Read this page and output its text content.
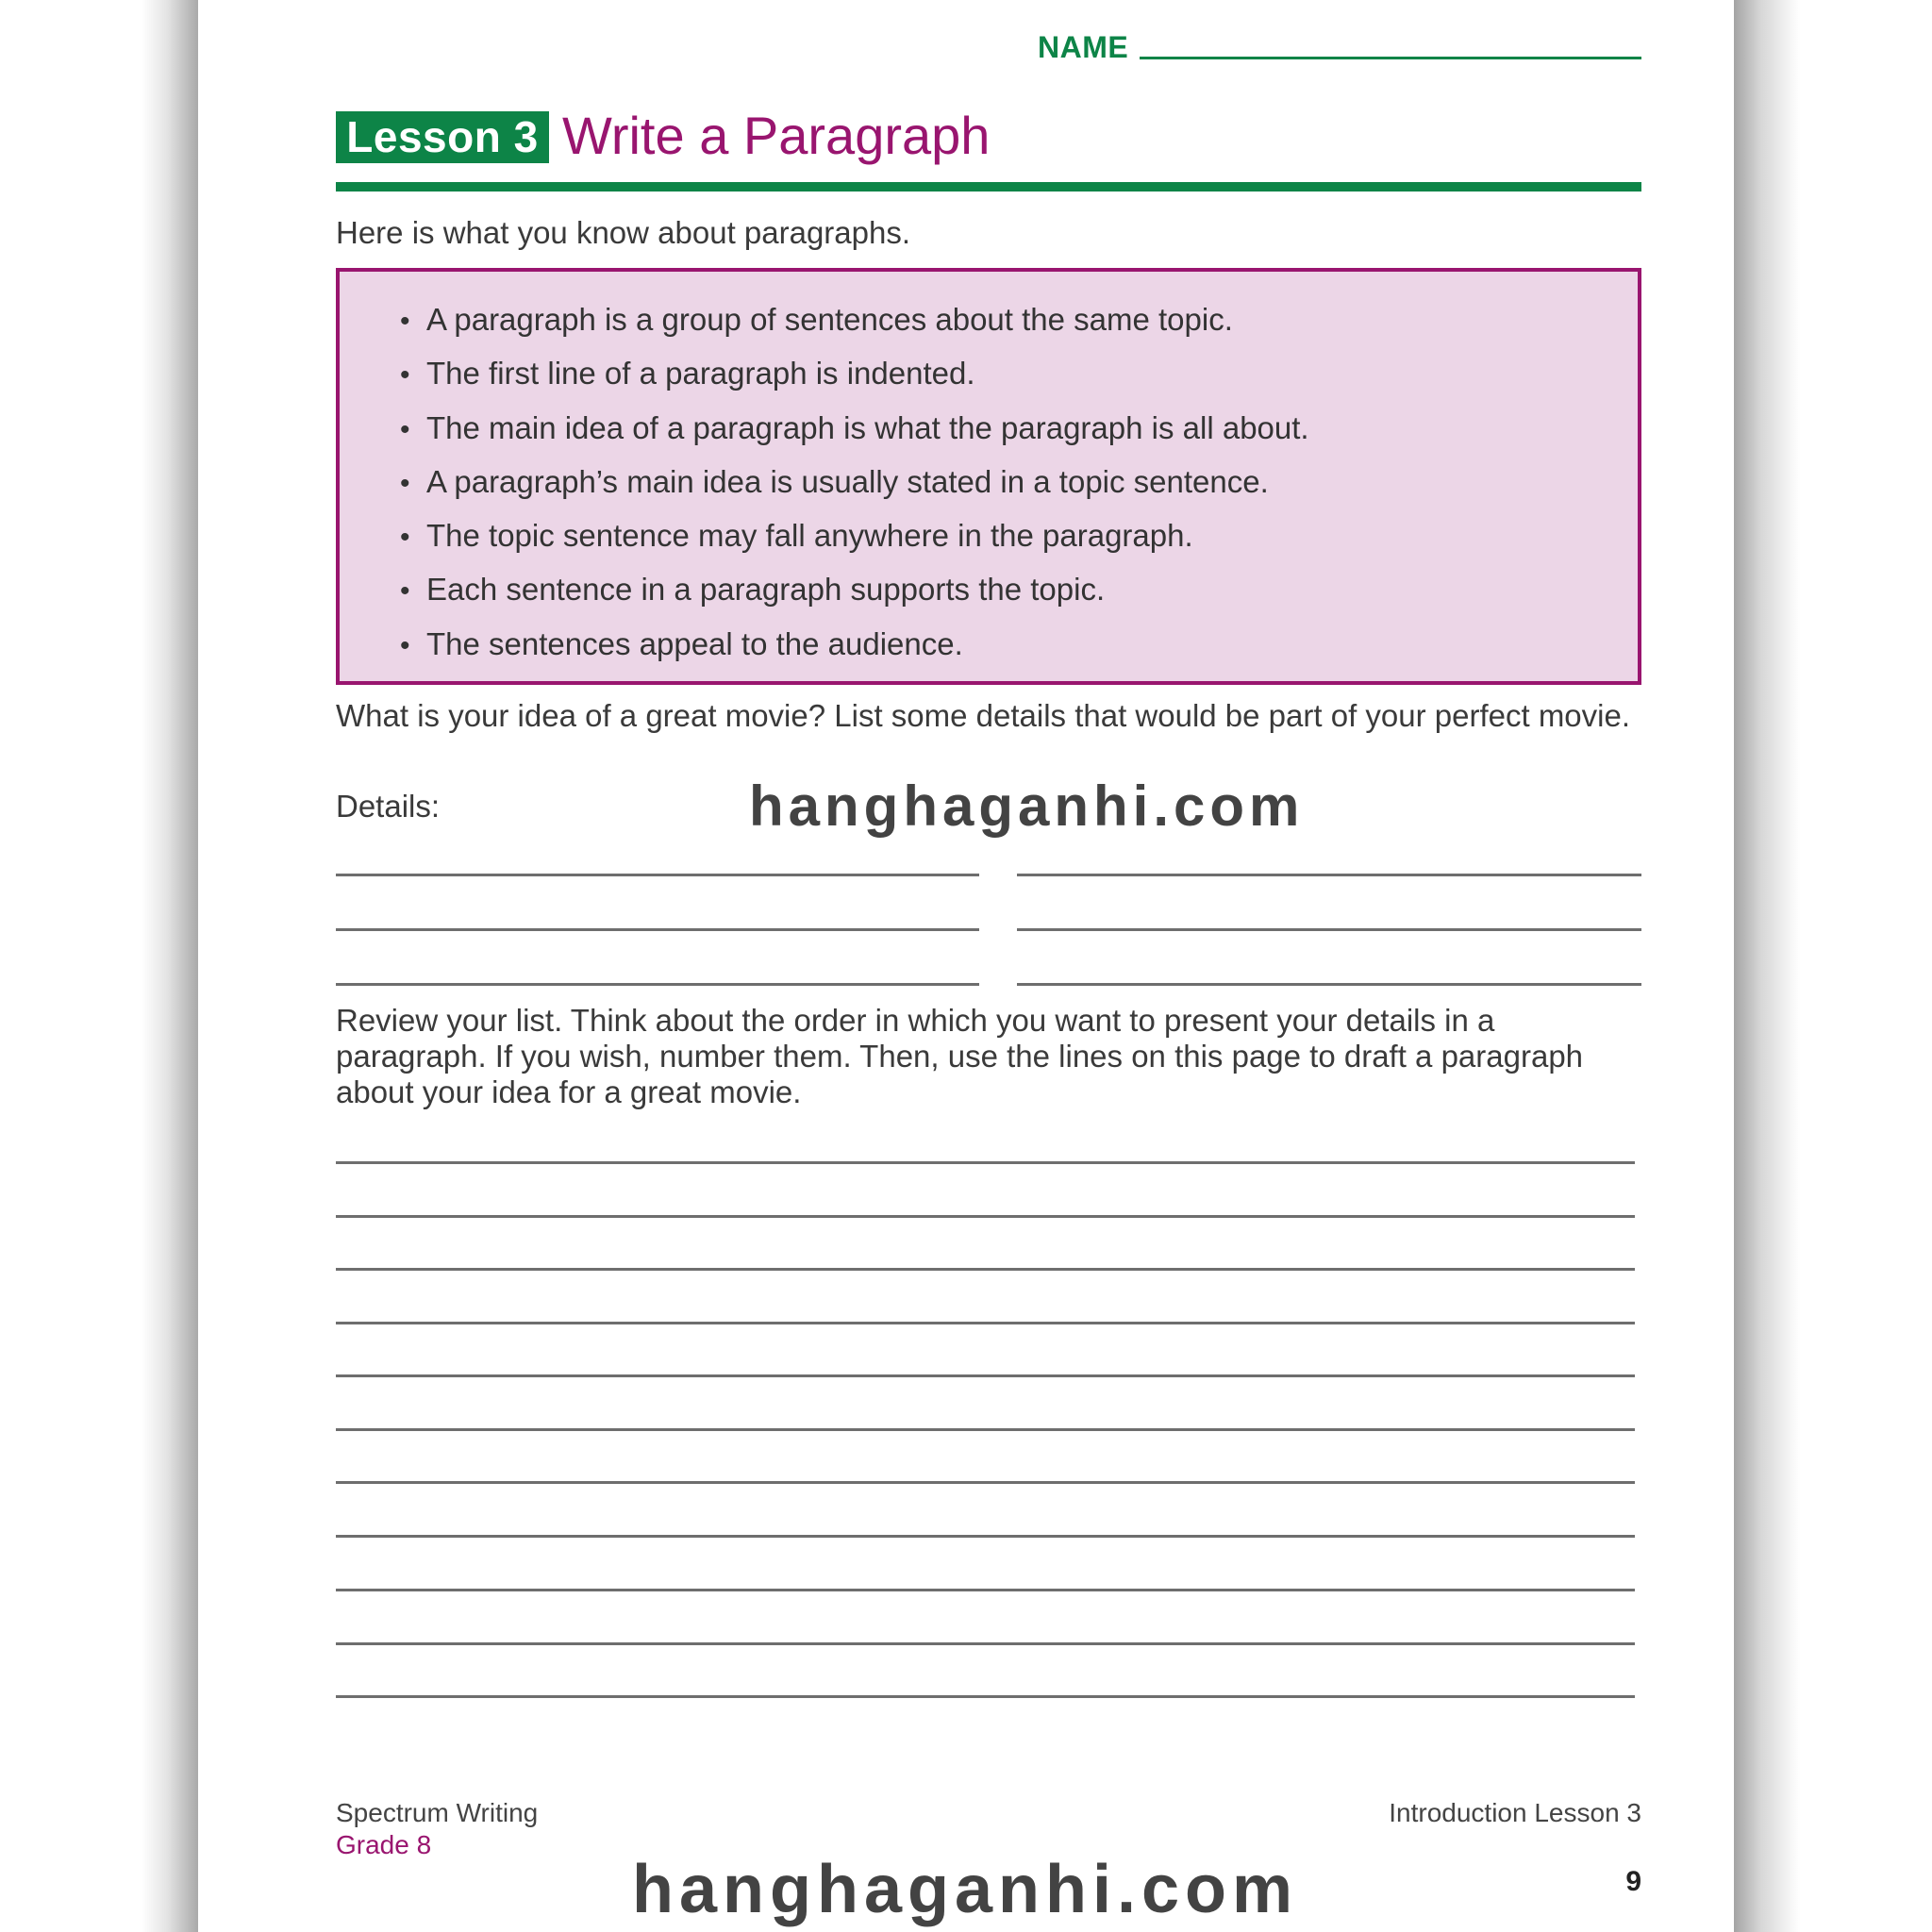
NAME
Lesson 3 Write a Paragraph
Here is what you know about paragraphs.
• A paragraph is a group of sentences about the same topic.
• The first line of a paragraph is indented.
• The main idea of a paragraph is what the paragraph is all about.
• A paragraph’s main idea is usually stated in a topic sentence.
• The topic sentence may fall anywhere in the paragraph.
• Each sentence in a paragraph supports the topic.
• The sentences appeal to the audience.
What is your idea of a great movie? List some details that would be part of your perfect movie.
Details:	hanghaganhi.com
Review your list. Think about the order in which you want to present your details in a paragraph. If you wish, number them. Then, use the lines on this page to draft a paragraph about your idea for a great movie.
Spectrum Writing
Grade 8
Introduction Lesson 3
9
hanghaganhi.com
